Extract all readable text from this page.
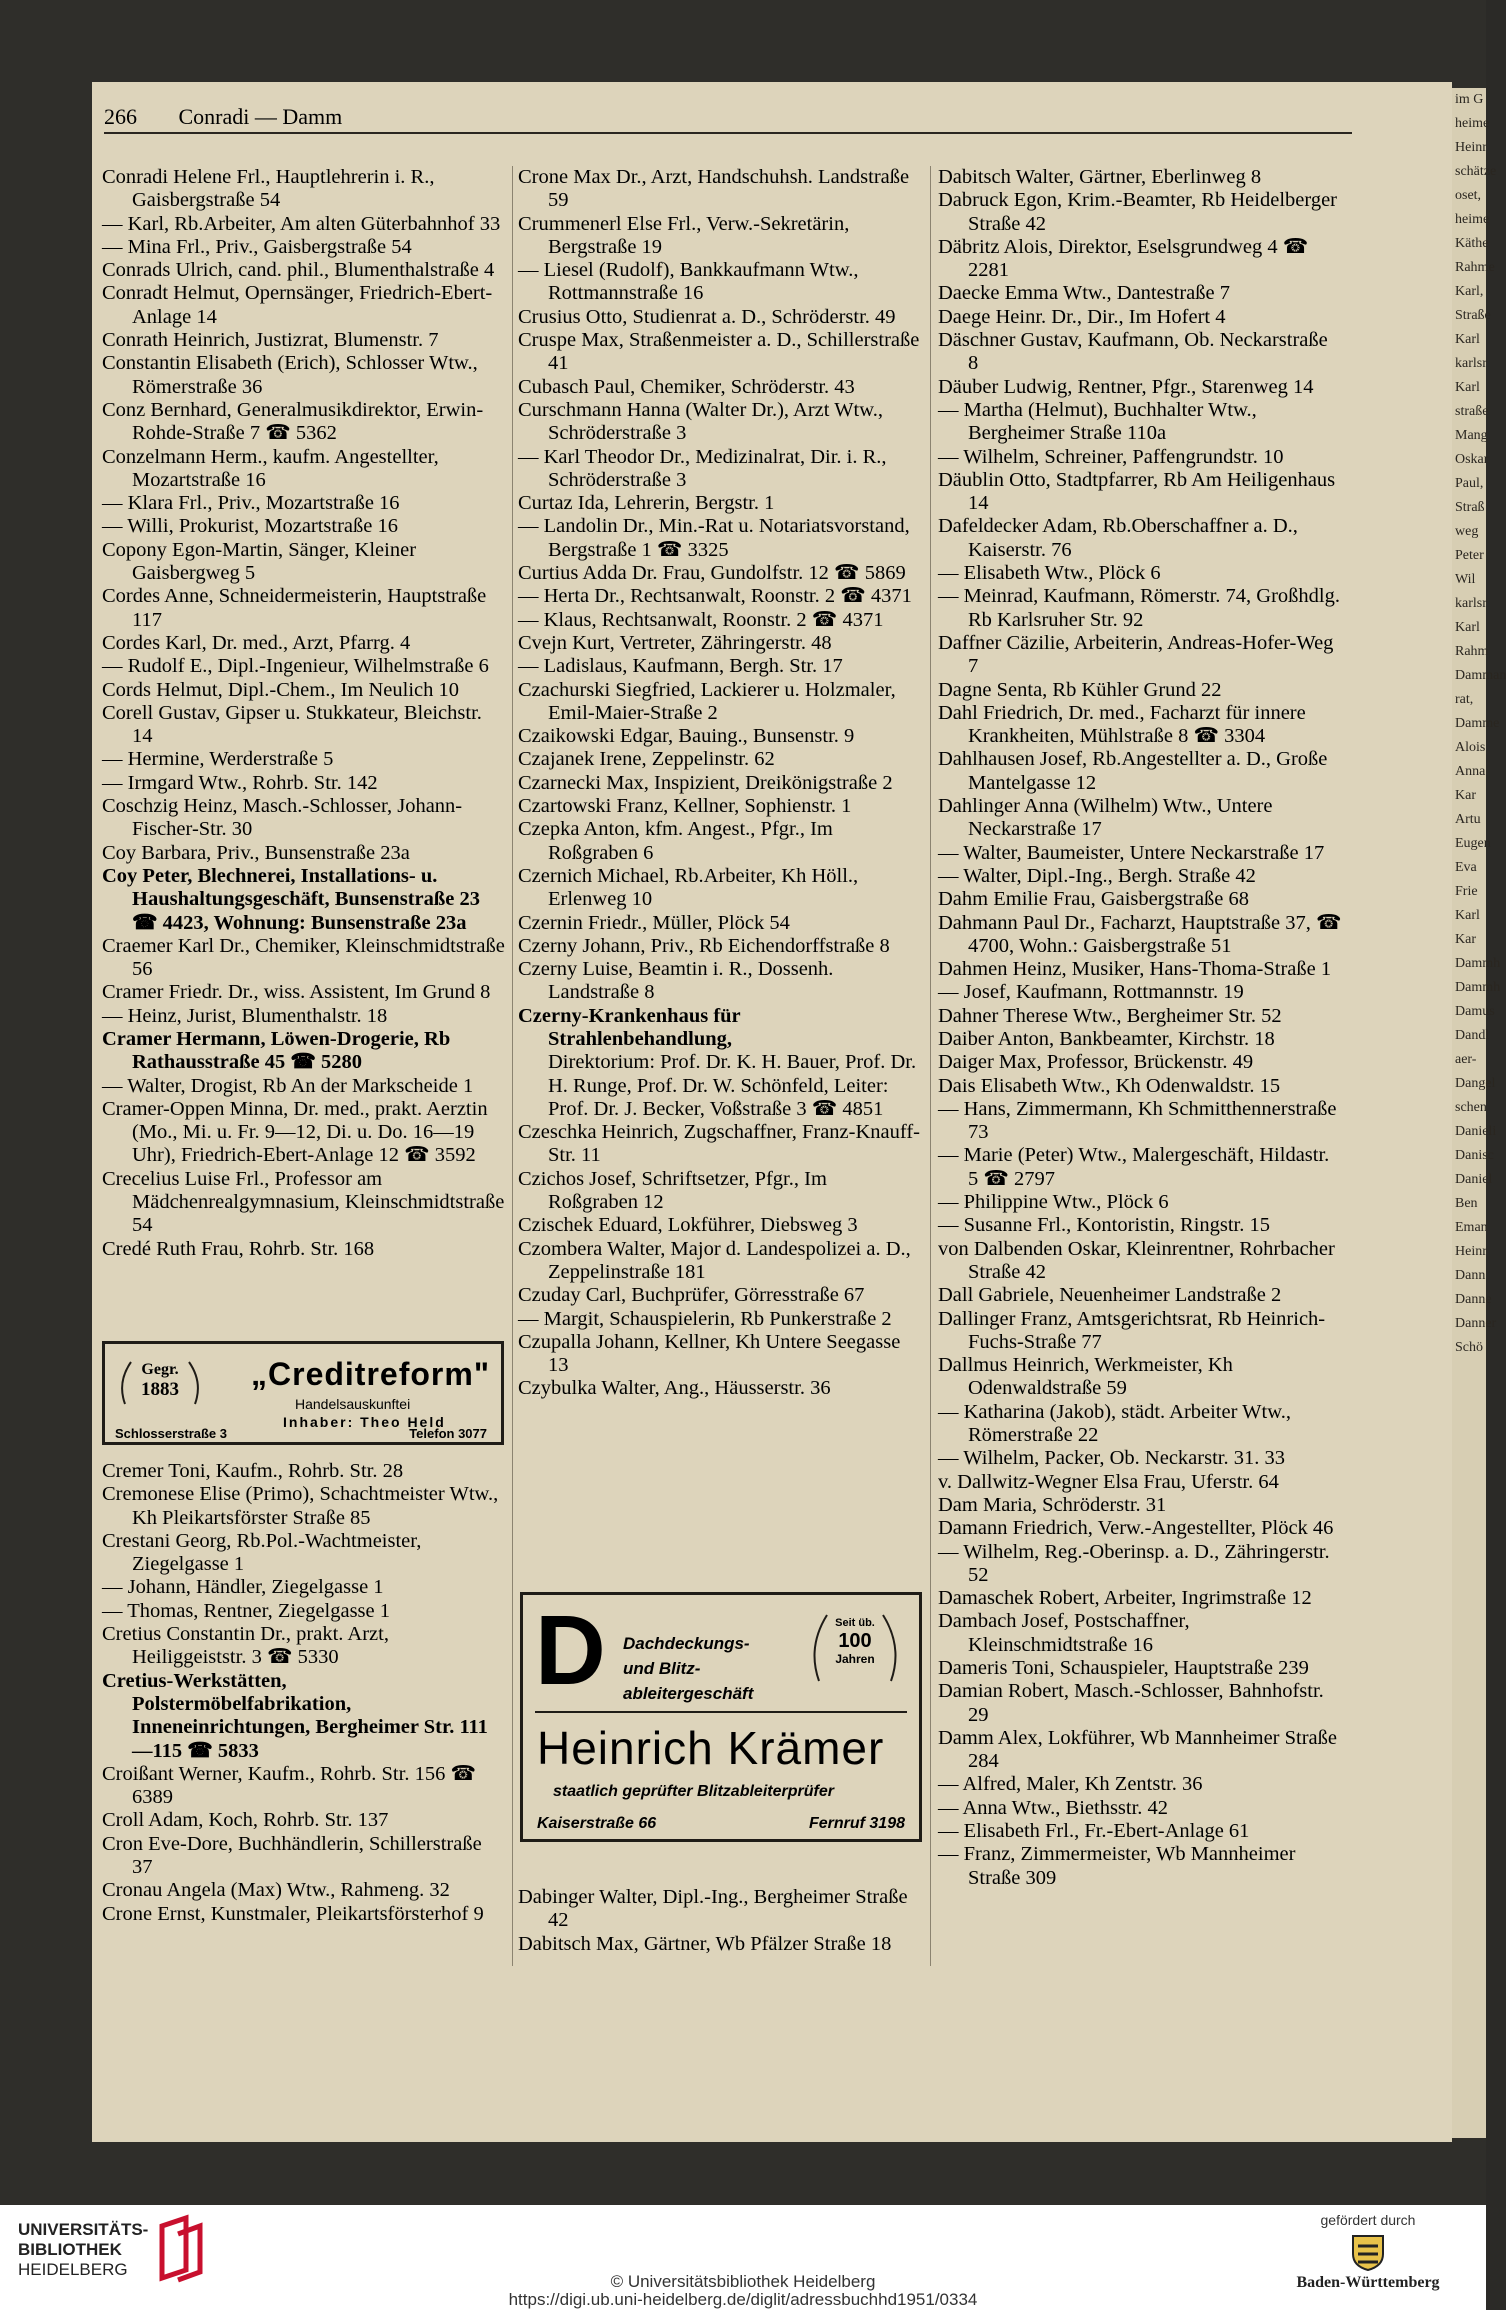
im G
heime
Heinr
schätze
oset,
heime
Käthe
Rahme
Karl,
Straße
Karl
karlsr
Karl
straße
Mang
Oskar
Paul,
Straß
weg
Peter
Wil
karlsr
Karl
Rahm
Damman
rat,
Damme
Alois
Anna
Kar
Artu
Eugen
Eva
Frie
Karl
Kar
Dammh
Dammh
Damus
Dandl
aer-
Dangel
schen
Danieli
Danisc
Daniel
Ben
Eman
Heinr
Dann
Danne
Danner
Schö
266 Conradi — Damm

Conradi Helene Frl., Hauptlehrerin i. R., Gaisbergstraße 54

— Karl, Rb.Arbeiter, Am alten Güterbahnhof 33

— Mina Frl., Priv., Gaisbergstraße 54

Conrads Ulrich, cand. phil., Blumenthalstraße 4

Conradt Helmut, Opernsänger, Friedrich-Ebert-Anlage 14

Conrath Heinrich, Justizrat, Blumenstr. 7

Constantin Elisabeth (Erich), Schlosser Wtw., Römerstraße 36

Conz Bernhard, Generalmusikdirektor, Erwin-Rohde-Straße 7 ☎ 5362

Conzelmann Herm., kaufm. Angestellter, Mozartstraße 16

— Klara Frl., Priv., Mozartstraße 16

— Willi, Prokurist, Mozartstraße 16

Copony Egon-Martin, Sänger, Kleiner Gaisbergweg 5

Cordes Anne, Schneidermeisterin, Hauptstraße 117

Cordes Karl, Dr. med., Arzt, Pfarrg. 4

— Rudolf E., Dipl.-Ingenieur, Wilhelmstraße 6

Cords Helmut, Dipl.-Chem., Im Neulich 10

Corell Gustav, Gipser u. Stukkateur, Bleichstr. 14

— Hermine, Werderstraße 5

— Irmgard Wtw., Rohrb. Str. 142

Coschzig Heinz, Masch.-Schlosser, Johann-Fischer-Str. 30

Coy Barbara, Priv., Bunsenstraße 23a

Coy Peter, Blechnerei, Installations- u. Haushaltungsgeschäft, Bunsenstraße 23 ☎ 4423, Wohnung: Bunsenstraße 23a

Craemer Karl Dr., Chemiker, Kleinschmidtstraße 56

Cramer Friedr. Dr., wiss. Assistent, Im Grund 8

— Heinz, Jurist, Blumenthalstr. 18

Cramer Hermann, Löwen-Drogerie, Rb Rathausstraße 45 ☎ 5280

— Walter, Drogist, Rb An der Markscheide 1

Cramer-Oppen Minna, Dr. med., prakt. Aerztin (Mo., Mi. u. Fr. 9—12, Di. u. Do. 16—19 Uhr), Friedrich-Ebert-Anlage 12 ☎ 3592

Crecelius Luise Frl., Professor am Mädchenrealgymnasium, Kleinschmidtstraße 54

Credé Ruth Frau, Rohrb. Str. 168

Gegr.
1883	„Creditreform"
Handelsauskunftei
Inhaber: Theo Held
Schlosserstraße 3	Telefon 3077

Cremer Toni, Kaufm., Rohrb. Str. 28

Cremonese Elise (Primo), Schachtmeister Wtw., Kh Pleikartsförster Straße 85

Crestani Georg, Rb.Pol.-Wachtmeister, Ziegelgasse 1

— Johann, Händler, Ziegelgasse 1

— Thomas, Rentner, Ziegelgasse 1

Cretius Constantin Dr., prakt. Arzt, Heiliggeiststr. 3 ☎ 5330

Cretius-Werkstätten, Polstermöbelfabrikation, Inneneinrichtungen, Bergheimer Str. 111—115 ☎ 5833

Croißant Werner, Kaufm., Rohrb. Str. 156 ☎ 6389

Croll Adam, Koch, Rohrb. Str. 137

Cron Eve-Dore, Buchhändlerin, Schillerstraße 37

Cronau Angela (Max) Wtw., Rahmeng. 32

Crone Ernst, Kunstmaler, Pleikartsförsterhof 9

Crone Max Dr., Arzt, Handschuhsh. Landstraße 59

Crummenerl Else Frl., Verw.-Sekretärin, Bergstraße 19

— Liesel (Rudolf), Bankkaufmann Wtw., Rottmannstraße 16

Crusius Otto, Studienrat a. D., Schröderstr. 49

Cruspe Max, Straßenmeister a. D., Schillerstraße 41

Cubasch Paul, Chemiker, Schröderstr. 43

Curschmann Hanna (Walter Dr.), Arzt Wtw., Schröderstraße 3

— Karl Theodor Dr., Medizinalrat, Dir. i. R., Schröderstraße 3

Curtaz Ida, Lehrerin, Bergstr. 1

— Landolin Dr., Min.-Rat u. Notariatsvorstand, Bergstraße 1 ☎ 3325

Curtius Adda Dr. Frau, Gundolfstr. 12 ☎ 5869

— Herta Dr., Rechtsanwalt, Roonstr. 2 ☎ 4371

— Klaus, Rechtsanwalt, Roonstr. 2 ☎ 4371

Cvejn Kurt, Vertreter, Zähringerstr. 48

— Ladislaus, Kaufmann, Bergh. Str. 17

Czachurski Siegfried, Lackierer u. Holzmaler, Emil-Maier-Straße 2

Czaikowski Edgar, Bauing., Bunsenstr. 9

Czajanek Irene, Zeppelinstr. 62

Czarnecki Max, Inspizient, Dreikönigstraße 2

Czartowski Franz, Kellner, Sophienstr. 1

Czepka Anton, kfm. Angest., Pfgr., Im Roßgraben 6

Czernich Michael, Rb.Arbeiter, Kh Höll., Erlenweg 10

Czernin Friedr., Müller, Plöck 54

Czerny Johann, Priv., Rb Eichendorffstraße 8

Czerny Luise, Beamtin i. R., Dossenh. Landstraße 8

Czerny-Krankenhaus für Strahlenbehandlung,

Direktorium: Prof. Dr. K. H. Bauer, Prof. Dr. H. Runge, Prof. Dr. W. Schönfeld, Leiter: Prof. Dr. J. Becker, Voßstraße 3 ☎ 4851

Czeschka Heinrich, Zugschaffner, Franz-Knauff-Str. 11

Czichos Josef, Schriftsetzer, Pfgr., Im Roßgraben 12

Czischek Eduard, Lokführer, Diebsweg 3

Czombera Walter, Major d. Landespolizei a. D., Zeppelinstraße 181

Czuday Carl, Buchprüfer, Görresstraße 67

— Margit, Schauspielerin, Rb Punkerstraße 2

Czupalla Johann, Kellner, Kh Untere Seegasse 13

Czybulka Walter, Ang., Häusserstr. 36

D Dachdeckungs-
und Blitz-
ableitergeschäft
Seit üb.
100
Jahren
Heinrich Krämer
staatlich geprüfter Blitzableiterprüfer
Kaiserstraße 66	Fernruf 3198

Dabinger Walter, Dipl.-Ing., Bergheimer Straße 42

Dabitsch Max, Gärtner, Wb Pfälzer Straße 18

Dabitsch Walter, Gärtner, Eberlinweg 8

Dabruck Egon, Krim.-Beamter, Rb Heidelberger Straße 42

Däbritz Alois, Direktor, Eselsgrundweg 4 ☎ 2281

Daecke Emma Wtw., Dantestraße 7

Daege Heinr. Dr., Dir., Im Hofert 4

Däschner Gustav, Kaufmann, Ob. Neckarstraße 8

Däuber Ludwig, Rentner, Pfgr., Starenweg 14

— Martha (Helmut), Buchhalter Wtw., Bergheimer Straße 110a

— Wilhelm, Schreiner, Paffengrundstr. 10

Däublin Otto, Stadtpfarrer, Rb Am Heiligenhaus 14

Dafeldecker Adam, Rb.Oberschaffner a. D., Kaiserstr. 76

— Elisabeth Wtw., Plöck 6

— Meinrad, Kaufmann, Römerstr. 74, Großhdlg. Rb Karlsruher Str. 92

Daffner Cäzilie, Arbeiterin, Andreas-Hofer-Weg 7

Dagne Senta, Rb Kühler Grund 22

Dahl Friedrich, Dr. med., Facharzt für innere Krankheiten, Mühlstraße 8 ☎ 3304

Dahlhausen Josef, Rb.Angestellter a. D., Große Mantelgasse 12

Dahlinger Anna (Wilhelm) Wtw., Untere Neckarstraße 17

— Walter, Baumeister, Untere Neckarstraße 17

— Walter, Dipl.-Ing., Bergh. Straße 42

Dahm Emilie Frau, Gaisbergstraße 68

Dahmann Paul Dr., Facharzt, Hauptstraße 37, ☎ 4700, Wohn.: Gaisbergstraße 51

Dahmen Heinz, Musiker, Hans-Thoma-Straße 1

— Josef, Kaufmann, Rottmannstr. 19

Dahner Therese Wtw., Bergheimer Str. 52

Daiber Anton, Bankbeamter, Kirchstr. 18

Daiger Max, Professor, Brückenstr. 49

Dais Elisabeth Wtw., Kh Odenwaldstr. 15

— Hans, Zimmermann, Kh Schmitthennerstraße 73

— Marie (Peter) Wtw., Malergeschäft, Hildastr. 5 ☎ 2797

— Philippine Wtw., Plöck 6

— Susanne Frl., Kontoristin, Ringstr. 15

von Dalbenden Oskar, Kleinrentner, Rohrbacher Straße 42

Dall Gabriele, Neuenheimer Landstraße 2

Dallinger Franz, Amtsgerichtsrat, Rb Heinrich-Fuchs-Straße 77

Dallmus Heinrich, Werkmeister, Kh Odenwaldstraße 59

— Katharina (Jakob), städt. Arbeiter Wtw., Römerstraße 22

— Wilhelm, Packer, Ob. Neckarstr. 31. 33

v. Dallwitz-Wegner Elsa Frau, Uferstr. 64

Dam Maria, Schröderstr. 31

Damann Friedrich, Verw.-Angestellter, Plöck 46

— Wilhelm, Reg.-Oberinsp. a. D., Zähringerstr. 52

Damaschek Robert, Arbeiter, Ingrimstraße 12

Dambach Josef, Postschaffner, Kleinschmidtstraße 16

Dameris Toni, Schauspieler, Hauptstraße 239

Damian Robert, Masch.-Schlosser, Bahnhofstr. 29

Damm Alex, Lokführer, Wb Mannheimer Straße 284

— Alfred, Maler, Kh Zentstr. 36

— Anna Wtw., Biethsstr. 42

— Elisabeth Frl., Fr.-Ebert-Anlage 61

— Franz, Zimmermeister, Wb Mannheimer Straße 309

UNIVERSITÄTS-
BIBLIOTHEK
HEIDELBERG
© Universitätsbibliothek Heidelberg
https://digi.ub.uni-heidelberg.de/diglit/adressbuchhd1951/0334
gefördert durch
Baden-Württemberg
